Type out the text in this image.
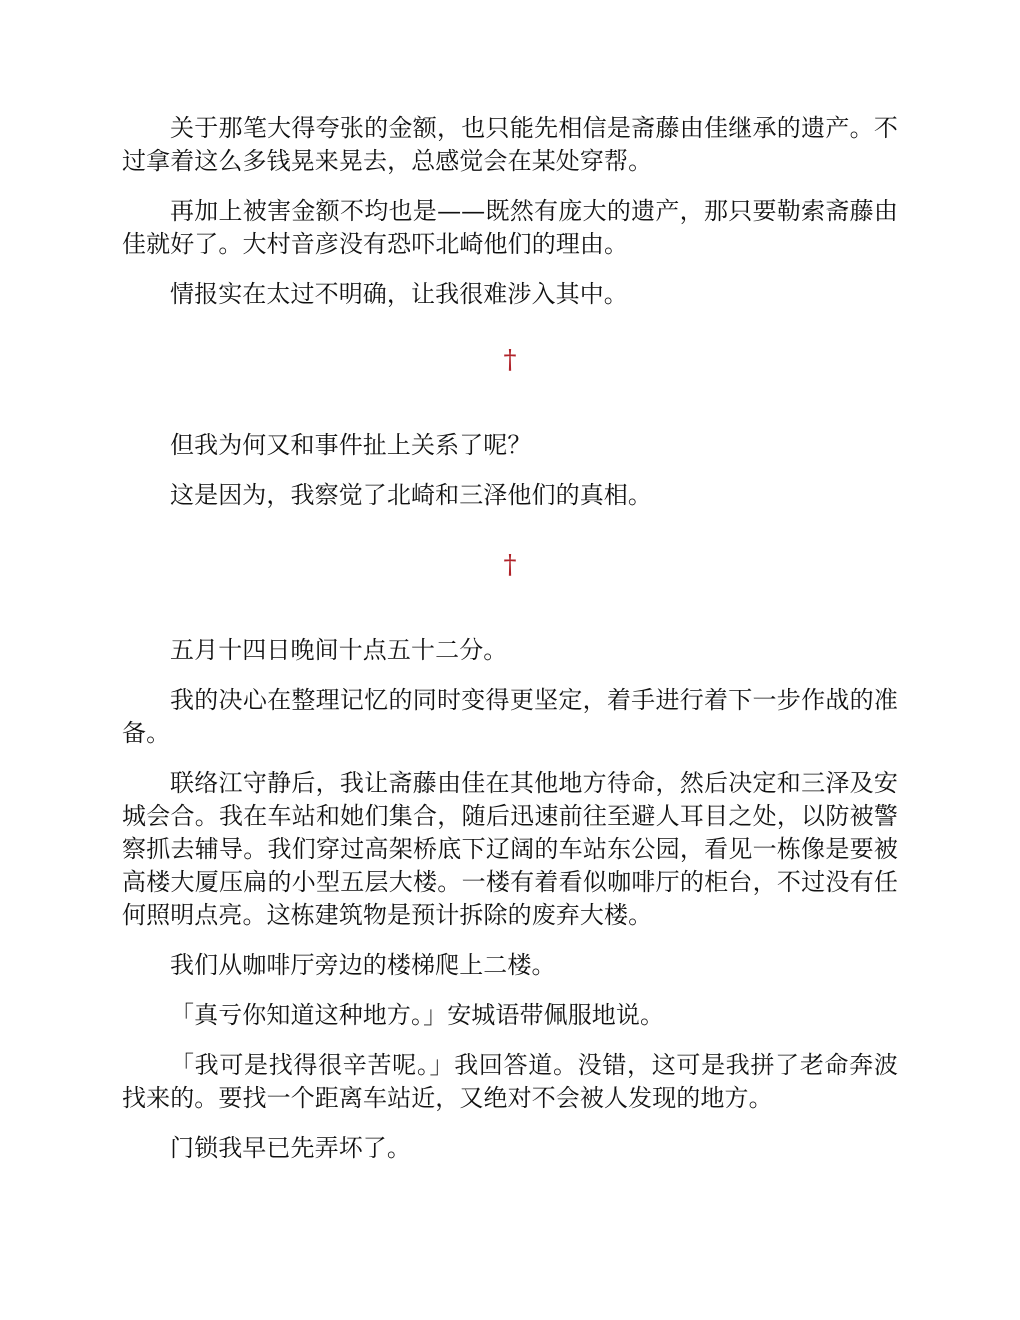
关于那笔大得夸张的金额，也只能先相信是斋藤由佳继承的遗产。不过拿着这么多钱晃来晃去，总感觉会在某处穿帮。

再加上被害金额不均也是——既然有庞大的遗产，那只要勒索斋藤由佳就好了。大村音彦没有恐吓北崎他们的理由。

情报实在太过不明确，让我很难涉入其中。

†

但我为何又和事件扯上关系了呢？

这是因为，我察觉了北崎和三泽他们的真相。

†

五月十四日晚间十点五十二分。

我的决心在整理记忆的同时变得更坚定，着手进行着下一步作战的准备。

联络江守静后，我让斋藤由佳在其他地方待命，然后决定和三泽及安城会合。我在车站和她们集合，随后迅速前往至避人耳目之处，以防被警察抓去辅导。我们穿过高架桥底下辽阔的车站东公园，看见一栋像是要被高楼大厦压扁的小型五层大楼。一楼有着看似咖啡厅的柜台，不过没有任何照明点亮。这栋建筑物是预计拆除的废弃大楼。

我们从咖啡厅旁边的楼梯爬上二楼。

「真亏你知道这种地方。」安城语带佩服地说。

「我可是找得很辛苦呢。」我回答道。没错，这可是我拼了老命奔波找来的。要找一个距离车站近，又绝对不会被人发现的地方。

门锁我早已先弄坏了。
